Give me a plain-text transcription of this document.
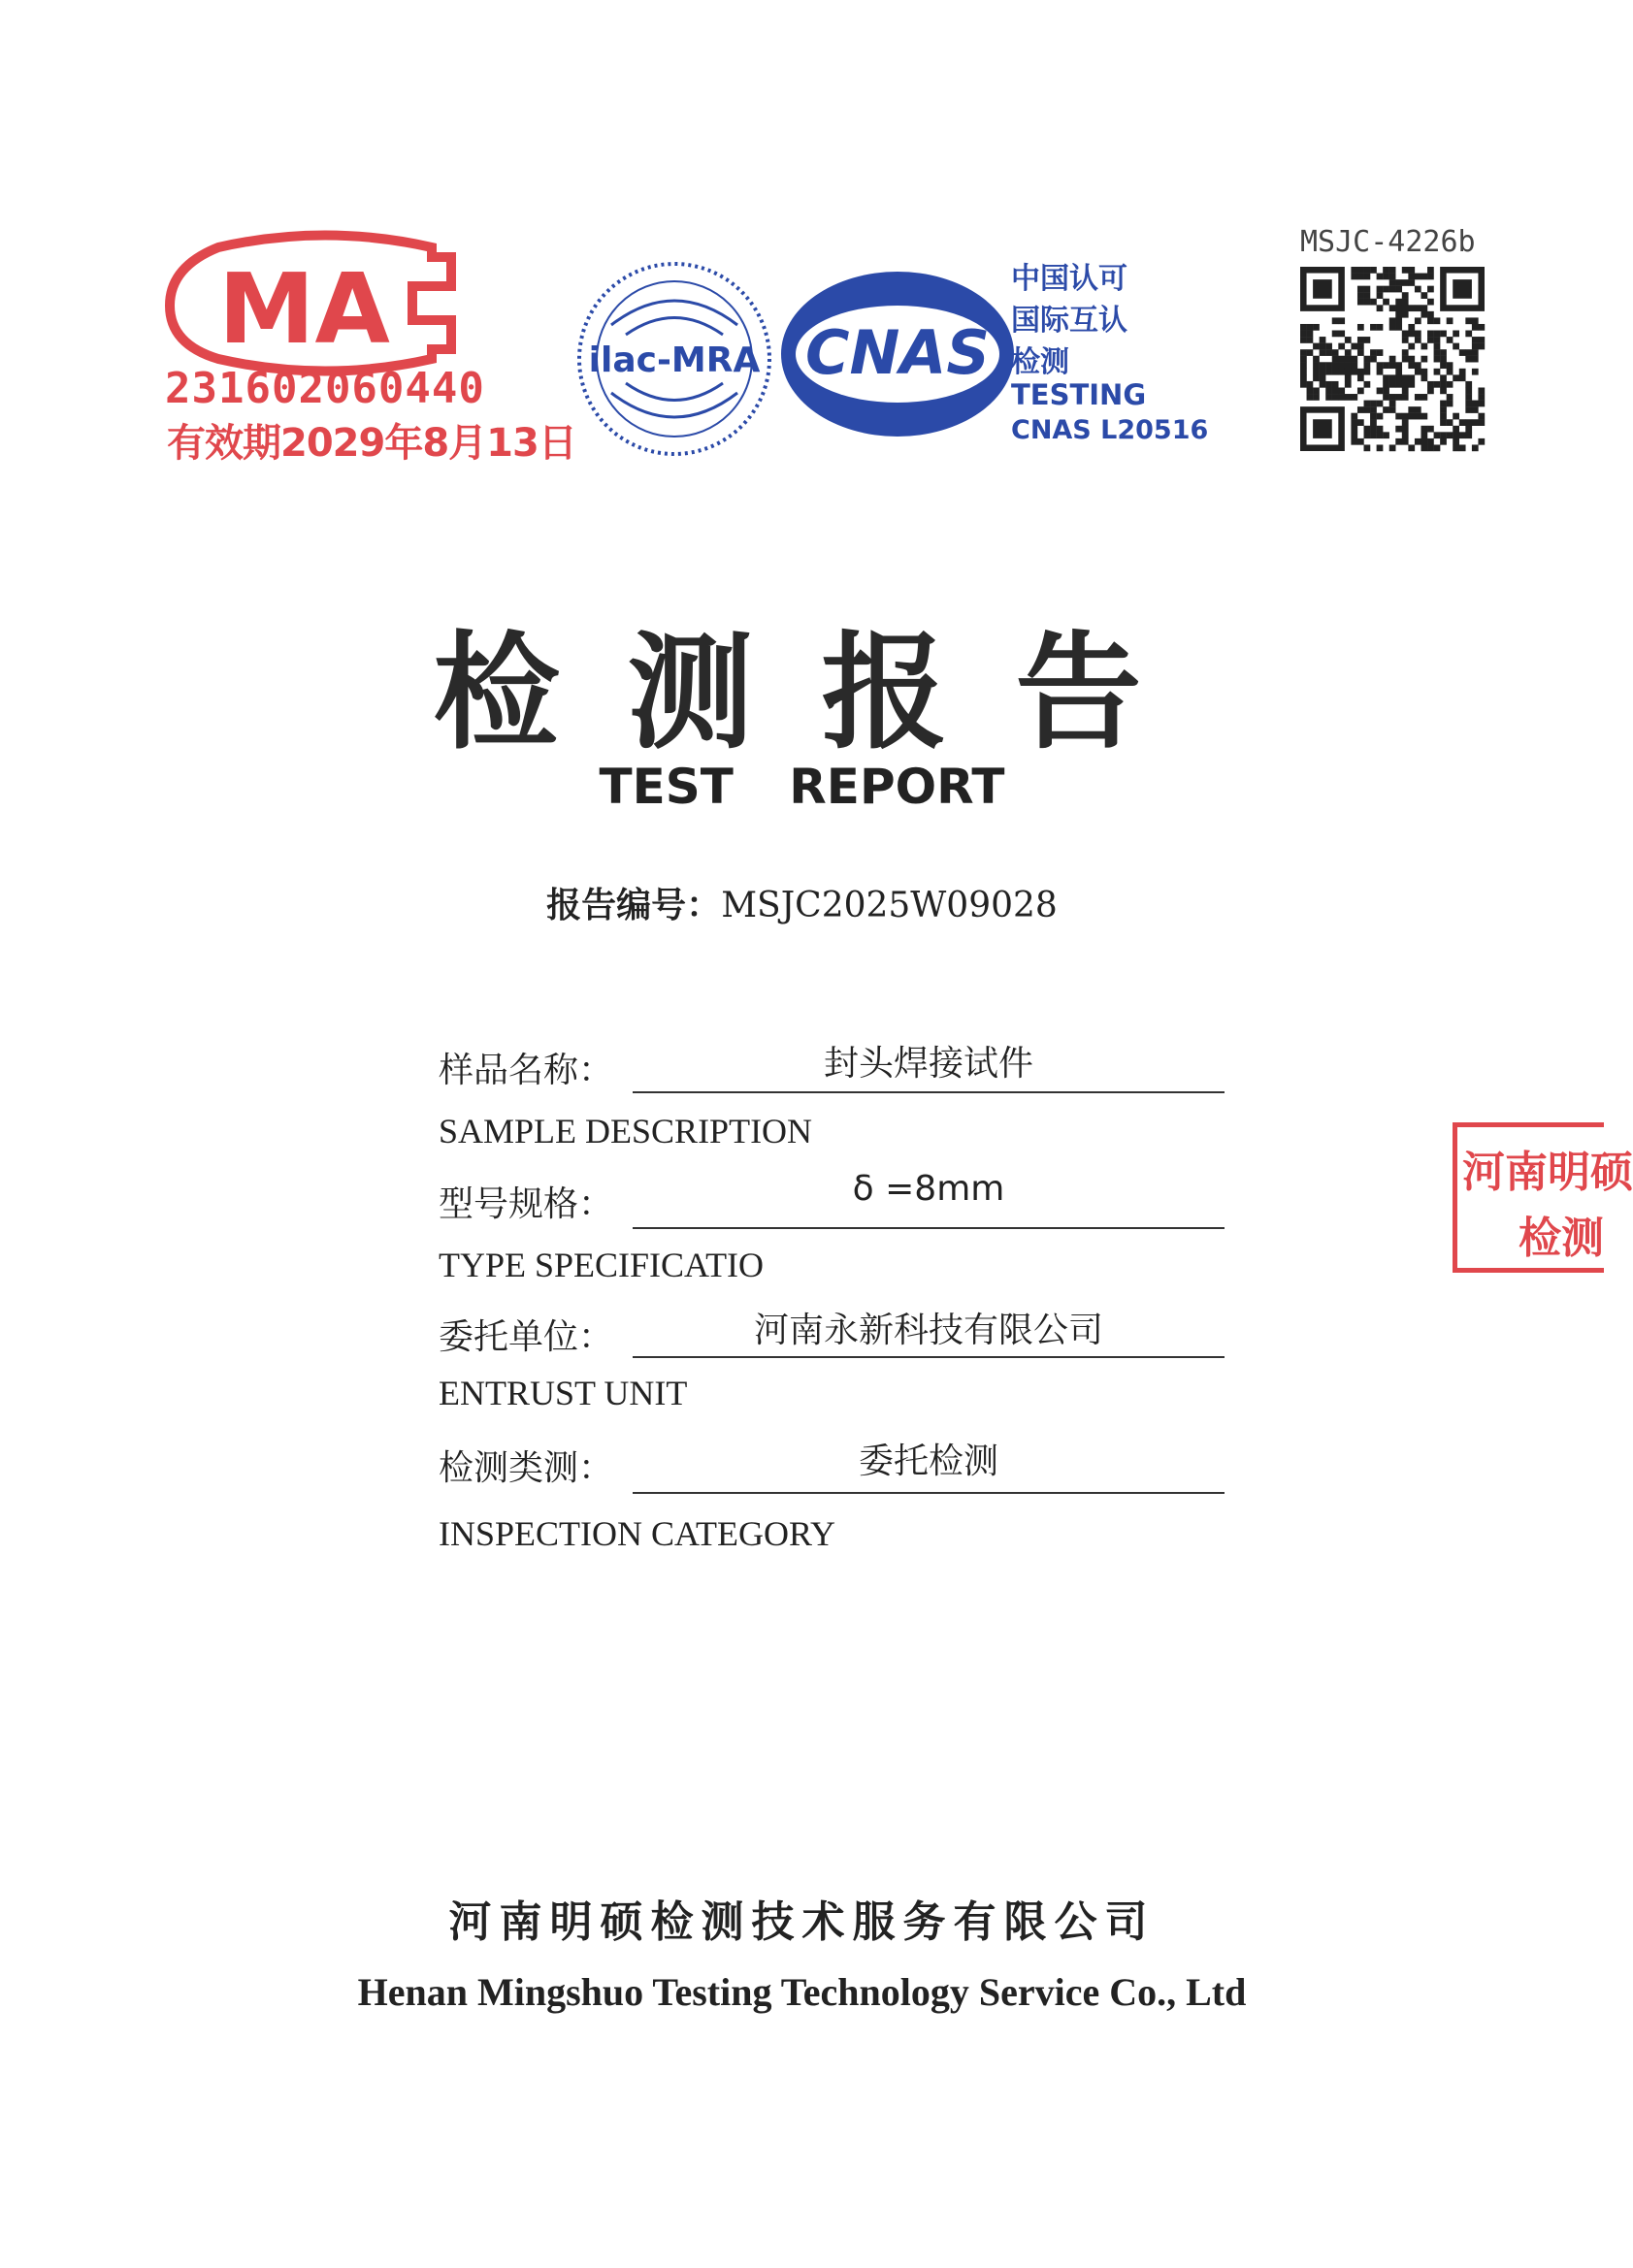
MA
231602060440
有效期2029年8月13日
ilac-MRA CNAS
中国认可
国际互认
检测
TESTING
CNAS L20516
MSJC-4226b
检测报告
TEST REPORT
报告编号：MSJC2025W09028
样品名称：	封头焊接试件
SAMPLE DESCRIPTION
型号规格：	δ =8mm
TYPE SPECIFICATIO
委托单位：	河南永新科技有限公司
ENTRUST UNIT
检测类测：	委托检测
INSPECTION CATEGORY
河南明硕
检测
河南明硕检测技术服务有限公司
Henan Mingshuo Testing Technology Service Co., Ltd
